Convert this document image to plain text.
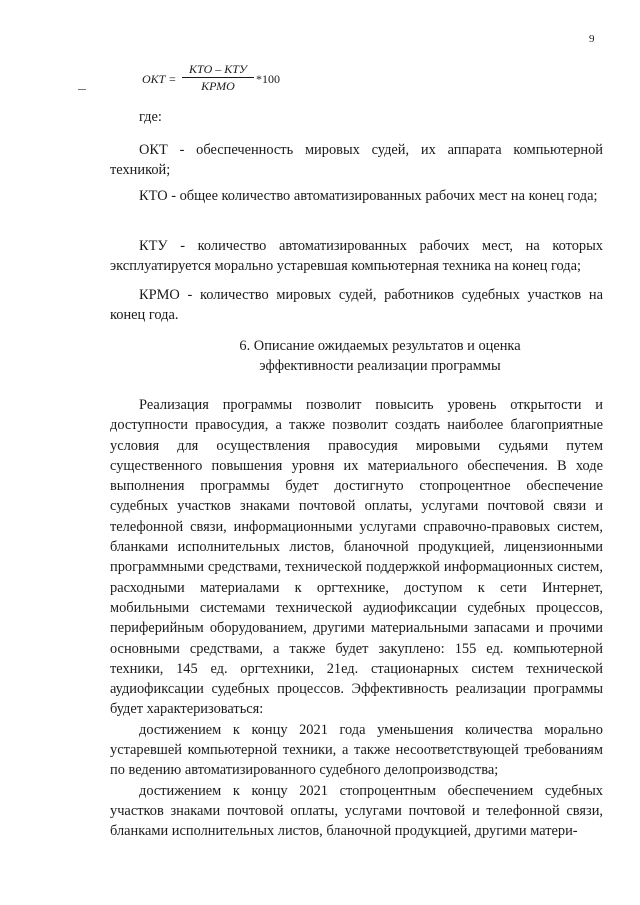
9
ОКТ =
КТО – КТУ
КРМО	*100

где:

ОКТ - обеспеченность мировых судей, их аппарата компьютерной техникой;

КТО - общее количество автоматизированных рабочих мест на конец года;

КТУ - количество автоматизированных рабочих мест, на которых эксплуатируется морально устаревшая компьютерная техника на конец года;

КРМО - количество мировых судей, работников судебных участков на конец года.

6. Описание ожидаемых результатов и оценка

эффективности реализации программы

Реализация программы позволит повысить уровень открытости и доступности правосудия, а также позволит создать наиболее благоприятные условия для осуществления правосудия мировыми судьями путем существенного повышения уровня их материального обеспечения. В ходе выполнения программы будет достигнуто стопроцентное обеспечение судебных участков знаками почтовой оплаты, услугами почтовой связи и телефонной связи, информационными услугами справочно-правовых систем, бланками исполнительных листов, бланочной продукцией, лицензионными программными средствами, технической поддержкой информационных систем, расходными материалами к оргтехнике, доступом к сети Интернет, мобильными системами технической аудиофиксации судебных процессов, периферийным оборудованием, другими материальными запасами и прочими основными средствами, а также будет закуплено: 155 ед. компьютерной техники, 145 ед. оргтехники, 21ед. стационарных систем технической аудиофиксации судебных процессов. Эффективность реализации программы будет характеризоваться:

достижением к концу 2021 года уменьшения количества морально устаревшей компьютерной техники, а также несоответствующей требованиям по ведению автоматизированного судебного делопроизводства;

достижением к концу 2021 стопроцентным обеспечением судебных участков знаками почтовой оплаты, услугами почтовой и телефонной связи, бланками исполнительных листов, бланочной продукцией, другими матери-
